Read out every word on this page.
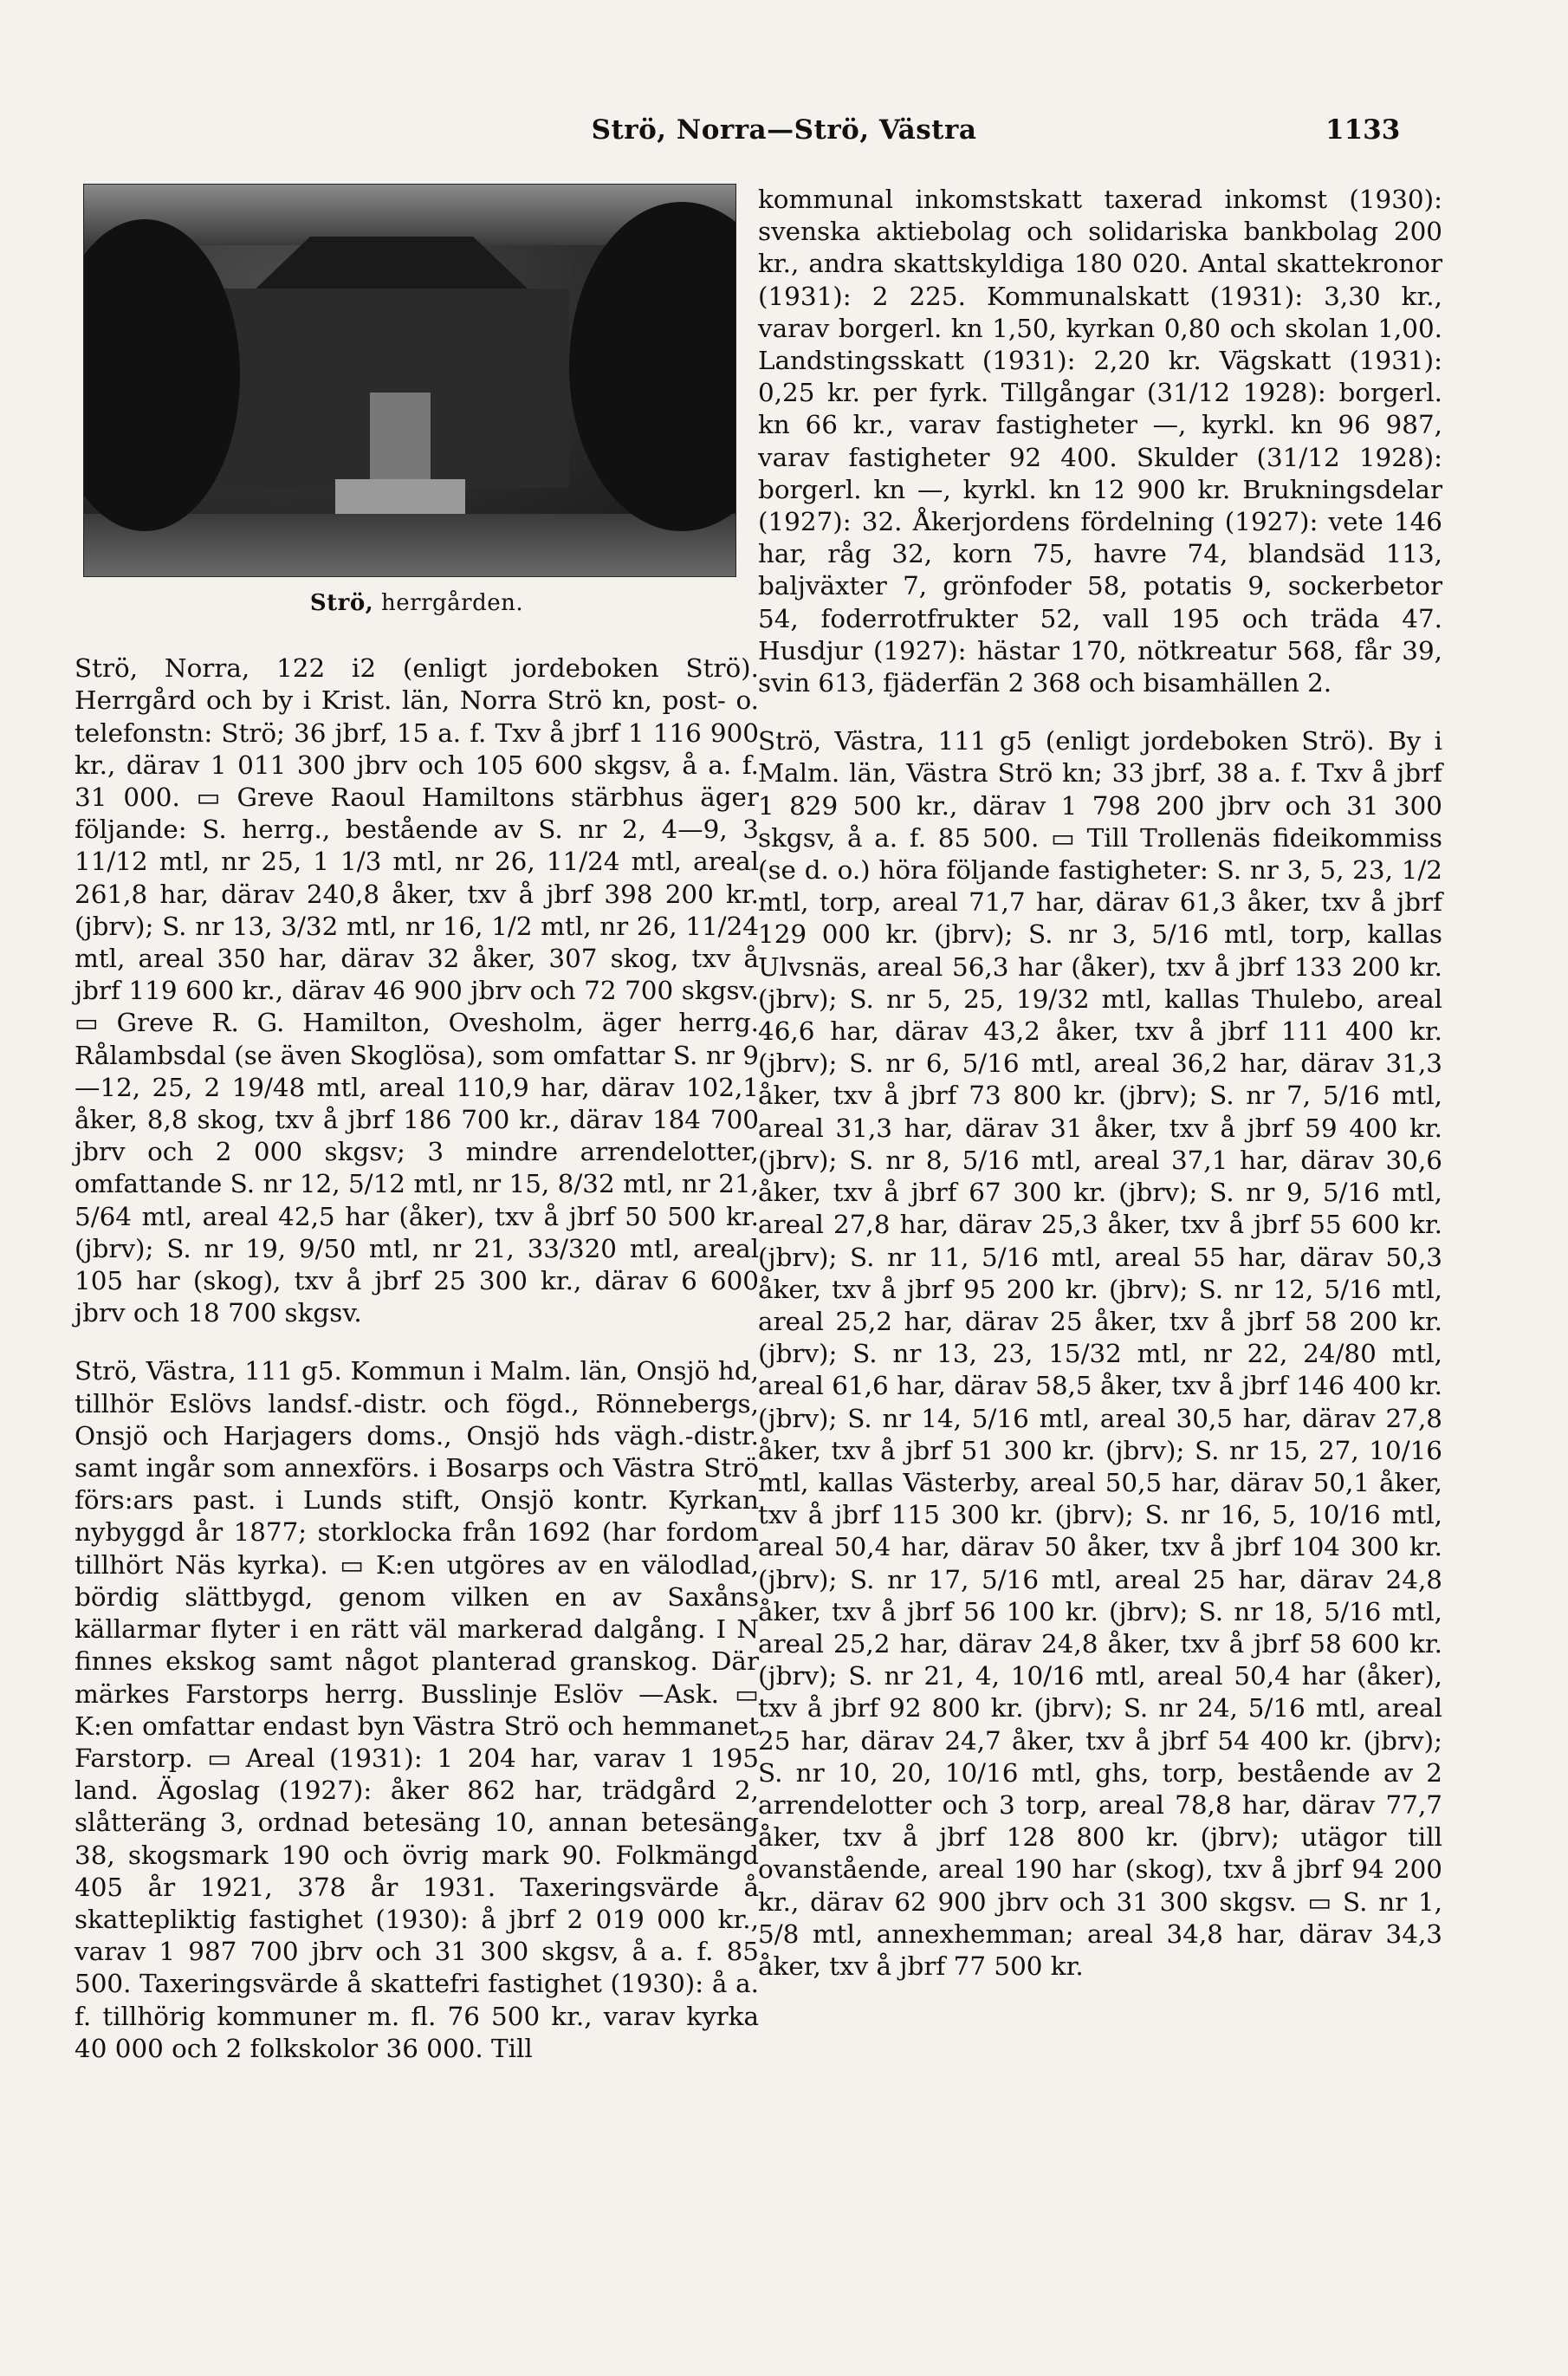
Strö, Norra—Strö, Västra	1133
Strö, herrgården.

Strö, Norra, 122 i2 (enligt jordeboken Strö). Herrgård och by i Krist. län, Norra Strö kn, post- o. telefonstn: Strö; 36 jbrf, 15 a. f. Txv å jbrf 1 116 900 kr., därav 1 011 300 jbrv och 105 600 skgsv, å a. f. 31 000. ▭ Greve Raoul Hamiltons stärbhus äger följande: S. herrg., bestående av S. nr 2, 4—9, 3 11/12 mtl, nr 25, 1 1/3 mtl, nr 26, 11/24 mtl, areal 261,8 har, därav 240,8 åker, txv å jbrf 398 200 kr. (jbrv); S. nr 13, 3/32 mtl, nr 16, 1/2 mtl, nr 26, 11/24 mtl, areal 350 har, därav 32 åker, 307 skog, txv å jbrf 119 600 kr., därav 46 900 jbrv och 72 700 skgsv. ▭ Greve R. G. Hamilton, Ovesholm, äger herrg. Rålambsdal (se även Skoglösa), som omfattar S. nr 9—12, 25, 2 19/48 mtl, areal 110,9 har, därav 102,1 åker, 8,8 skog, txv å jbrf 186 700 kr., därav 184 700 jbrv och 2 000 skgsv; 3 mindre arrendelotter, omfattande S. nr 12, 5/12 mtl, nr 15, 8/32 mtl, nr 21, 5/64 mtl, areal 42,5 har (åker), txv å jbrf 50 500 kr. (jbrv); S. nr 19, 9/50 mtl, nr 21, 33/320 mtl, areal 105 har (skog), txv å jbrf 25 300 kr., därav 6 600 jbrv och 18 700 skgsv.

Strö, Västra, 111 g5. Kommun i Malm. län, Onsjö hd, tillhör Eslövs landsf.-distr. och fögd., Rönnebergs, Onsjö och Harjagers doms., Onsjö hds vägh.-distr. samt ingår som annexförs. i Bosarps och Västra Strö förs:ars past. i Lunds stift, Onsjö kontr. Kyrkan nybyggd år 1877; storklocka från 1692 (har fordom tillhört Näs kyrka). ▭ K:en utgöres av en välodlad, bördig slättbygd, genom vilken en av Saxåns källarmar flyter i en rätt väl markerad dalgång. I N finnes ekskog samt något planterad granskog. Där märkes Farstorps herrg. Busslinje Eslöv —Ask. ▭ K:en omfattar endast byn Västra Strö och hemmanet Farstorp. ▭ Areal (1931): 1 204 har, varav 1 195 land. Ägoslag (1927): åker 862 har, trädgård 2, slåtteräng 3, ordnad betesäng 10, annan betesäng 38, skogsmark 190 och övrig mark 90. Folkmängd 405 år 1921, 378 år 1931. Taxeringsvärde å skattepliktig fastighet (1930): å jbrf 2 019 000 kr., varav 1 987 700 jbrv och 31 300 skgsv, å a. f. 85 500. Taxeringsvärde å skattefri fastighet (1930): å a. f. tillhörig kommuner m. fl. 76 500 kr., varav kyrka 40 000 och 2 folkskolor 36 000. Till

kommunal inkomstskatt taxerad inkomst (1930): svenska aktiebolag och solidariska bankbolag 200 kr., andra skattskyldiga 180 020. Antal skattekronor (1931): 2 225. Kommunalskatt (1931): 3,30 kr., varav borgerl. kn 1,50, kyrkan 0,80 och skolan 1,00. Landstingsskatt (1931): 2,20 kr. Vägskatt (1931): 0,25 kr. per fyrk. Tillgångar (31/12 1928): borgerl. kn 66 kr., varav fastigheter —, kyrkl. kn 96 987, varav fastigheter 92 400. Skulder (31/12 1928): borgerl. kn —, kyrkl. kn 12 900 kr. Brukningsdelar (1927): 32. Åkerjordens fördelning (1927): vete 146 har, råg 32, korn 75, havre 74, blandsäd 113, baljväxter 7, grönfoder 58, potatis 9, sockerbetor 54, foderrotfrukter 52, vall 195 och träda 47. Husdjur (1927): hästar 170, nötkreatur 568, får 39, svin 613, fjäderfän 2 368 och bisamhällen 2.

Strö, Västra, 111 g5 (enligt jordeboken Strö). By i Malm. län, Västra Strö kn; 33 jbrf, 38 a. f. Txv å jbrf 1 829 500 kr., därav 1 798 200 jbrv och 31 300 skgsv, å a. f. 85 500. ▭ Till Trollenäs fideikommiss (se d. o.) höra följande fastigheter: S. nr 3, 5, 23, 1/2 mtl, torp, areal 71,7 har, därav 61,3 åker, txv å jbrf 129 000 kr. (jbrv); S. nr 3, 5/16 mtl, torp, kallas Ulvsnäs, areal 56,3 har (åker), txv å jbrf 133 200 kr. (jbrv); S. nr 5, 25, 19/32 mtl, kallas Thulebo, areal 46,6 har, därav 43,2 åker, txv å jbrf 111 400 kr. (jbrv); S. nr 6, 5/16 mtl, areal 36,2 har, därav 31,3 åker, txv å jbrf 73 800 kr. (jbrv); S. nr 7, 5/16 mtl, areal 31,3 har, därav 31 åker, txv å jbrf 59 400 kr. (jbrv); S. nr 8, 5/16 mtl, areal 37,1 har, därav 30,6 åker, txv å jbrf 67 300 kr. (jbrv); S. nr 9, 5/16 mtl, areal 27,8 har, därav 25,3 åker, txv å jbrf 55 600 kr. (jbrv); S. nr 11, 5/16 mtl, areal 55 har, därav 50,3 åker, txv å jbrf 95 200 kr. (jbrv); S. nr 12, 5/16 mtl, areal 25,2 har, därav 25 åker, txv å jbrf 58 200 kr. (jbrv); S. nr 13, 23, 15/32 mtl, nr 22, 24/80 mtl, areal 61,6 har, därav 58,5 åker, txv å jbrf 146 400 kr. (jbrv); S. nr 14, 5/16 mtl, areal 30,5 har, därav 27,8 åker, txv å jbrf 51 300 kr. (jbrv); S. nr 15, 27, 10/16 mtl, kallas Västerby, areal 50,5 har, därav 50,1 åker, txv å jbrf 115 300 kr. (jbrv); S. nr 16, 5, 10/16 mtl, areal 50,4 har, därav 50 åker, txv å jbrf 104 300 kr. (jbrv); S. nr 17, 5/16 mtl, areal 25 har, därav 24,8 åker, txv å jbrf 56 100 kr. (jbrv); S. nr 18, 5/16 mtl, areal 25,2 har, därav 24,8 åker, txv å jbrf 58 600 kr. (jbrv); S. nr 21, 4, 10/16 mtl, areal 50,4 har (åker), txv å jbrf 92 800 kr. (jbrv); S. nr 24, 5/16 mtl, areal 25 har, därav 24,7 åker, txv å jbrf 54 400 kr. (jbrv); S. nr 10, 20, 10/16 mtl, ghs, torp, bestående av 2 arrendelotter och 3 torp, areal 78,8 har, därav 77,7 åker, txv å jbrf 128 800 kr. (jbrv); utägor till ovanstående, areal 190 har (skog), txv å jbrf 94 200 kr., därav 62 900 jbrv och 31 300 skgsv. ▭ S. nr 1, 5/8 mtl, annexhemman; areal 34,8 har, därav 34,3 åker, txv å jbrf 77 500 kr.
